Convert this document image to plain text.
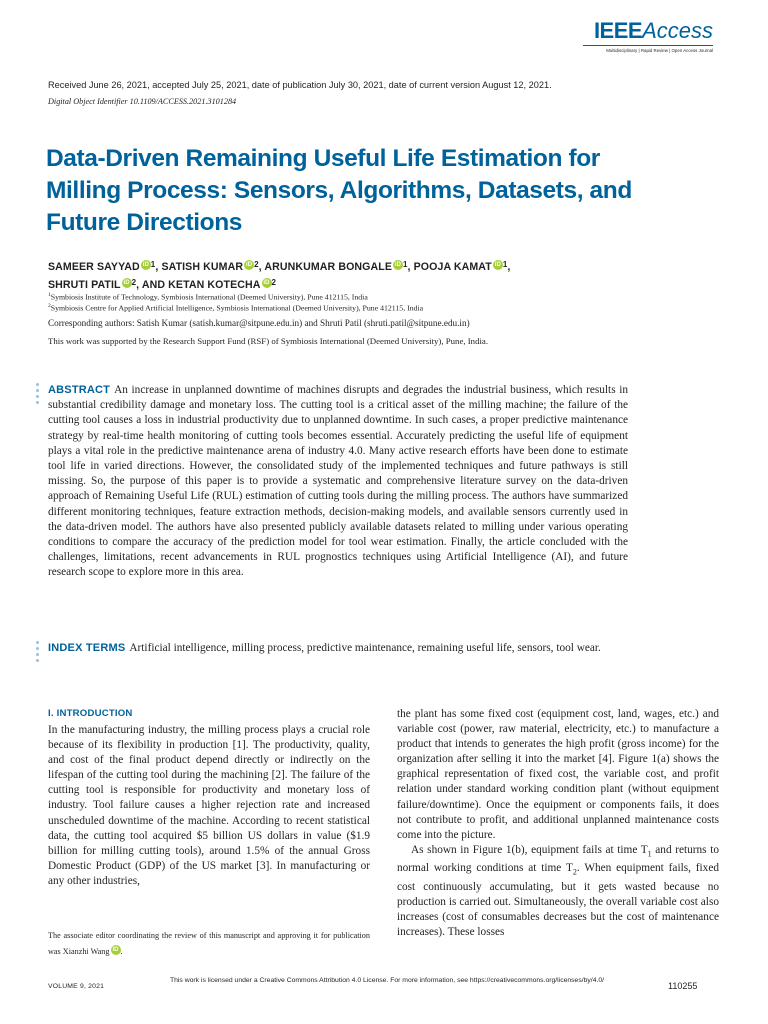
IEEEAccess
Multidisciplinary | Rapid Review | Open Access Journal
Received June 26, 2021, accepted July 25, 2021, date of publication July 30, 2021, date of current version August 12, 2021.
Digital Object Identifier 10.1109/ACCESS.2021.3101284
Data-Driven Remaining Useful Life Estimation for Milling Process: Sensors, Algorithms, Datasets, and Future Directions
SAMEER SAYYAD iD $^1$, SATISH KUMAR iD $^2$, ARUNKUMAR BONGALE iD $^1$, POOJA KAMAT iD $^1$,
SHRUTI PATIL iD $^2$, AND KETAN KOTECHA iD $^2$
$^1$Symbiosis Institute of Technology, Symbiosis International (Deemed University), Pune 412115, India
$^2$Symbiosis Centre for Applied Artificial Intelligence, Symbiosis International (Deemed University), Pune 412115, India
Corresponding authors: Satish Kumar (satish.kumar@sitpune.edu.in) and Shruti Patil (shruti.patil@sitpune.edu.in)
This work was supported by the Research Support Fund (RSF) of Symbiosis International (Deemed University), Pune, India.

ABSTRACT An increase in unplanned downtime of machines disrupts and degrades the industrial business, which results in substantial credibility damage and monetary loss. The cutting tool is a critical asset of the milling machine; the failure of the cutting tool causes a loss in industrial productivity due to unplanned downtime. In such cases, a proper predictive maintenance strategy by real-time health monitoring of cutting tools becomes essential. Accurately predicting the useful life of equipment plays a vital role in the predictive maintenance arena of industry 4.0. Many active research efforts have been done to estimate tool life in varied directions. However, the consolidated study of the implemented techniques and future pathways is still missing. So, the purpose of this paper is to provide a systematic and comprehensive literature survey on the data-driven approach of Remaining Useful Life (RUL) estimation of cutting tools during the milling process. The authors have summarized different monitoring techniques, feature extraction methods, decision-making models, and available sensors currently used in the data-driven model. The authors have also presented publicly available datasets related to milling under various operating conditions to compare the accuracy of the prediction model for tool wear estimation. Finally, the article concluded with the challenges, limitations, recent advancements in RUL prognostics techniques using Artificial Intelligence (AI), and future research scope to explore more in this area.

INDEX TERMS Artificial intelligence, milling process, predictive maintenance, remaining useful life, sensors, tool wear.

I. INTRODUCTION

In the manufacturing industry, the milling process plays a crucial role because of its flexibility in production [1]. The productivity, quality, and cost of the final product depend directly or indirectly on the lifespan of the cutting tool during the machining [2]. The failure of the cutting tool is responsible for productivity and monetary loss of industry. Tool failure causes a higher rejection rate and increased unscheduled downtime of the machine. According to recent statistical data, the cutting tool acquired $5 billion US dollars in value ($1.9 billion for milling cutting tools), around 1.5% of the annual Gross Domestic Product (GDP) of the US market [3]. In manufacturing or any other industries,

the plant has some fixed cost (equipment cost, land, wages, etc.) and variable cost (power, raw material, electricity, etc.) to manufacture a product that intends to generates the high profit (gross income) for the organization after selling it into the market [4]. Figure 1(a) shows the graphical representation of fixed cost, the variable cost, and profit relation under standard working condition plant (without equipment failure/downtime). Once the equipment or components fails, it does not contribute to profit, and additional unplanned maintenance costs come into the picture.

As shown in Figure 1(b), equipment fails at time $T_1$ and returns to normal working conditions at time $T_2$. When equipment fails, fixed cost continuously accumulating, but it gets wasted because no production is carried out. Simultaneously, the overall variable cost also increases (cost of consumables decreases but the cost of maintenance increases). These losses

The associate editor coordinating the review of this manuscript and approving it for publication was Xianzhi Wang iD .

VOLUME 9, 2021
This work is licensed under a Creative Commons Attribution 4.0 License. For more information, see https://creativecommons.org/licenses/by/4.0/
110255
